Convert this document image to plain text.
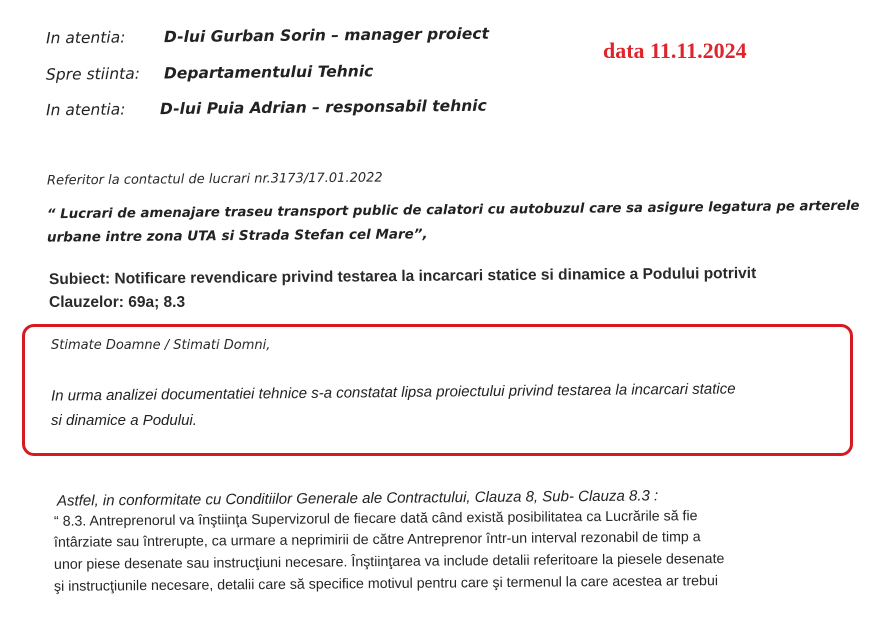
In atentia: D-lui Gurban Sorin – manager proiect
Spre stiinta: Departamentului Tehnic
In atentia: D-lui Puia Adrian – responsabil tehnic
data 11.11.2024
Referitor la contactul de lucrari nr.3173/17.01.2022
“ Lucrari de amenajare traseu transport public de calatori cu autobuzul care sa asigure legatura pe arterele
urbane intre zona UTA si Strada Stefan cel Mare”,
Subiect: Notificare revendicare privind testarea la incarcari statice si dinamice a Podului potrivit
Clauzelor: 69a; 8.3
Stimate Doamne / Stimati Domni,
In urma analizei documentatiei tehnice s-a constatat lipsa proiectului privind testarea la incarcari statice
si dinamice a Podului.
Astfel, in conformitate cu Conditiilor Generale ale Contractului, Clauza 8, Sub- Clauza 8.3 :
“ 8.3. Antreprenorul va înştiinţa Supervizorul de fiecare dată când există posibilitatea ca Lucrările să fie
întârziate sau întrerupte, ca urmare a neprimirii de către Antreprenor într-un interval rezonabil de timp a
unor piese desenate sau instrucţiuni necesare. Înştiinţarea va include detalii referitoare la piesele desenate
şi instrucţiunile necesare, detalii care să specifice motivul pentru care şi termenul la care acestea ar trebui
